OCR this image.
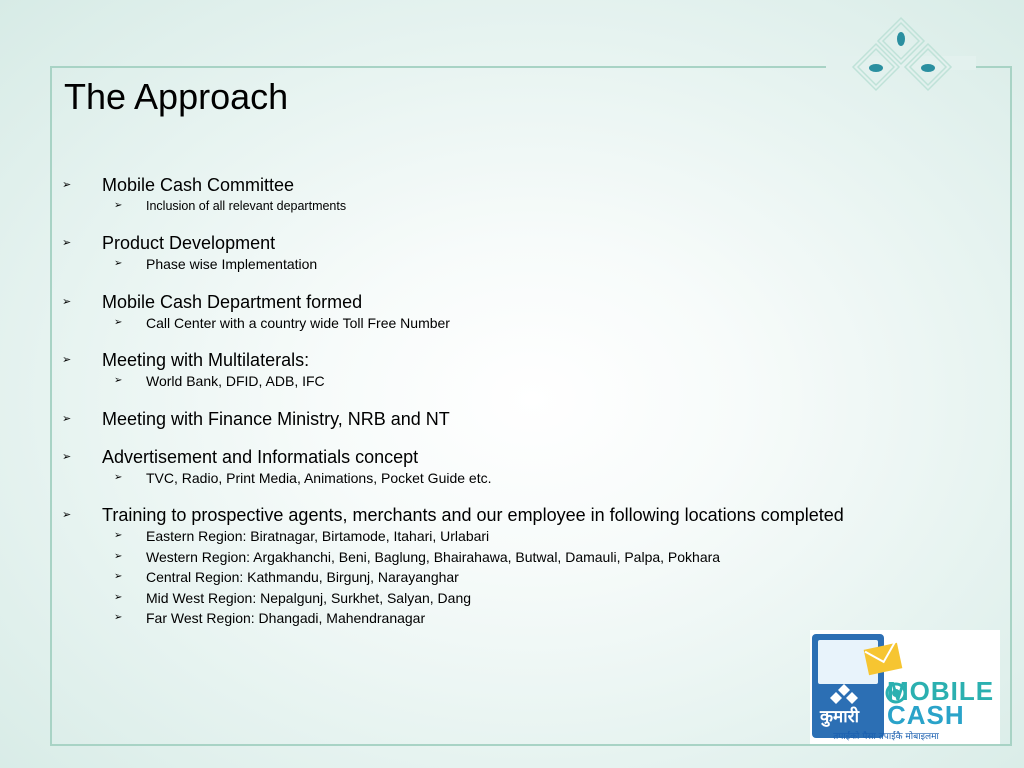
The Approach
➢ Mobile Cash Committee
➢ Inclusion of all relevant departments
➢ Product Development
➢ Phase wise Implementation
➢ Mobile Cash Department formed
➢ Call Center with a country wide Toll Free Number
➢ Meeting with Multilaterals:
➢ World Bank, DFID, ADB, IFC
➢ Meeting with Finance Ministry, NRB and NT
➢ Advertisement and Informatials concept
➢ TVC, Radio, Print Media, Animations, Pocket Guide etc.
➢ Training to prospective agents, merchants and our employee in following locations completed
➢ Eastern Region: Biratnagar, Birtamode, Itahari, Urlabari
➢ Western Region: Argakhanchi, Beni, Baglung, Bhairahawa, Butwal, Damauli, Palpa, Pokhara
➢ Central Region: Kathmandu, Birgunj, Narayanghar
➢ Mid West Region: Nepalgunj, Surkhet, Salyan, Dang
➢ Far West Region: Dhangadi, Mahendranagar
कुमारी
MOBILE
CASH
तपाईंको पैसा तपाईंकै मोबाइलमा
